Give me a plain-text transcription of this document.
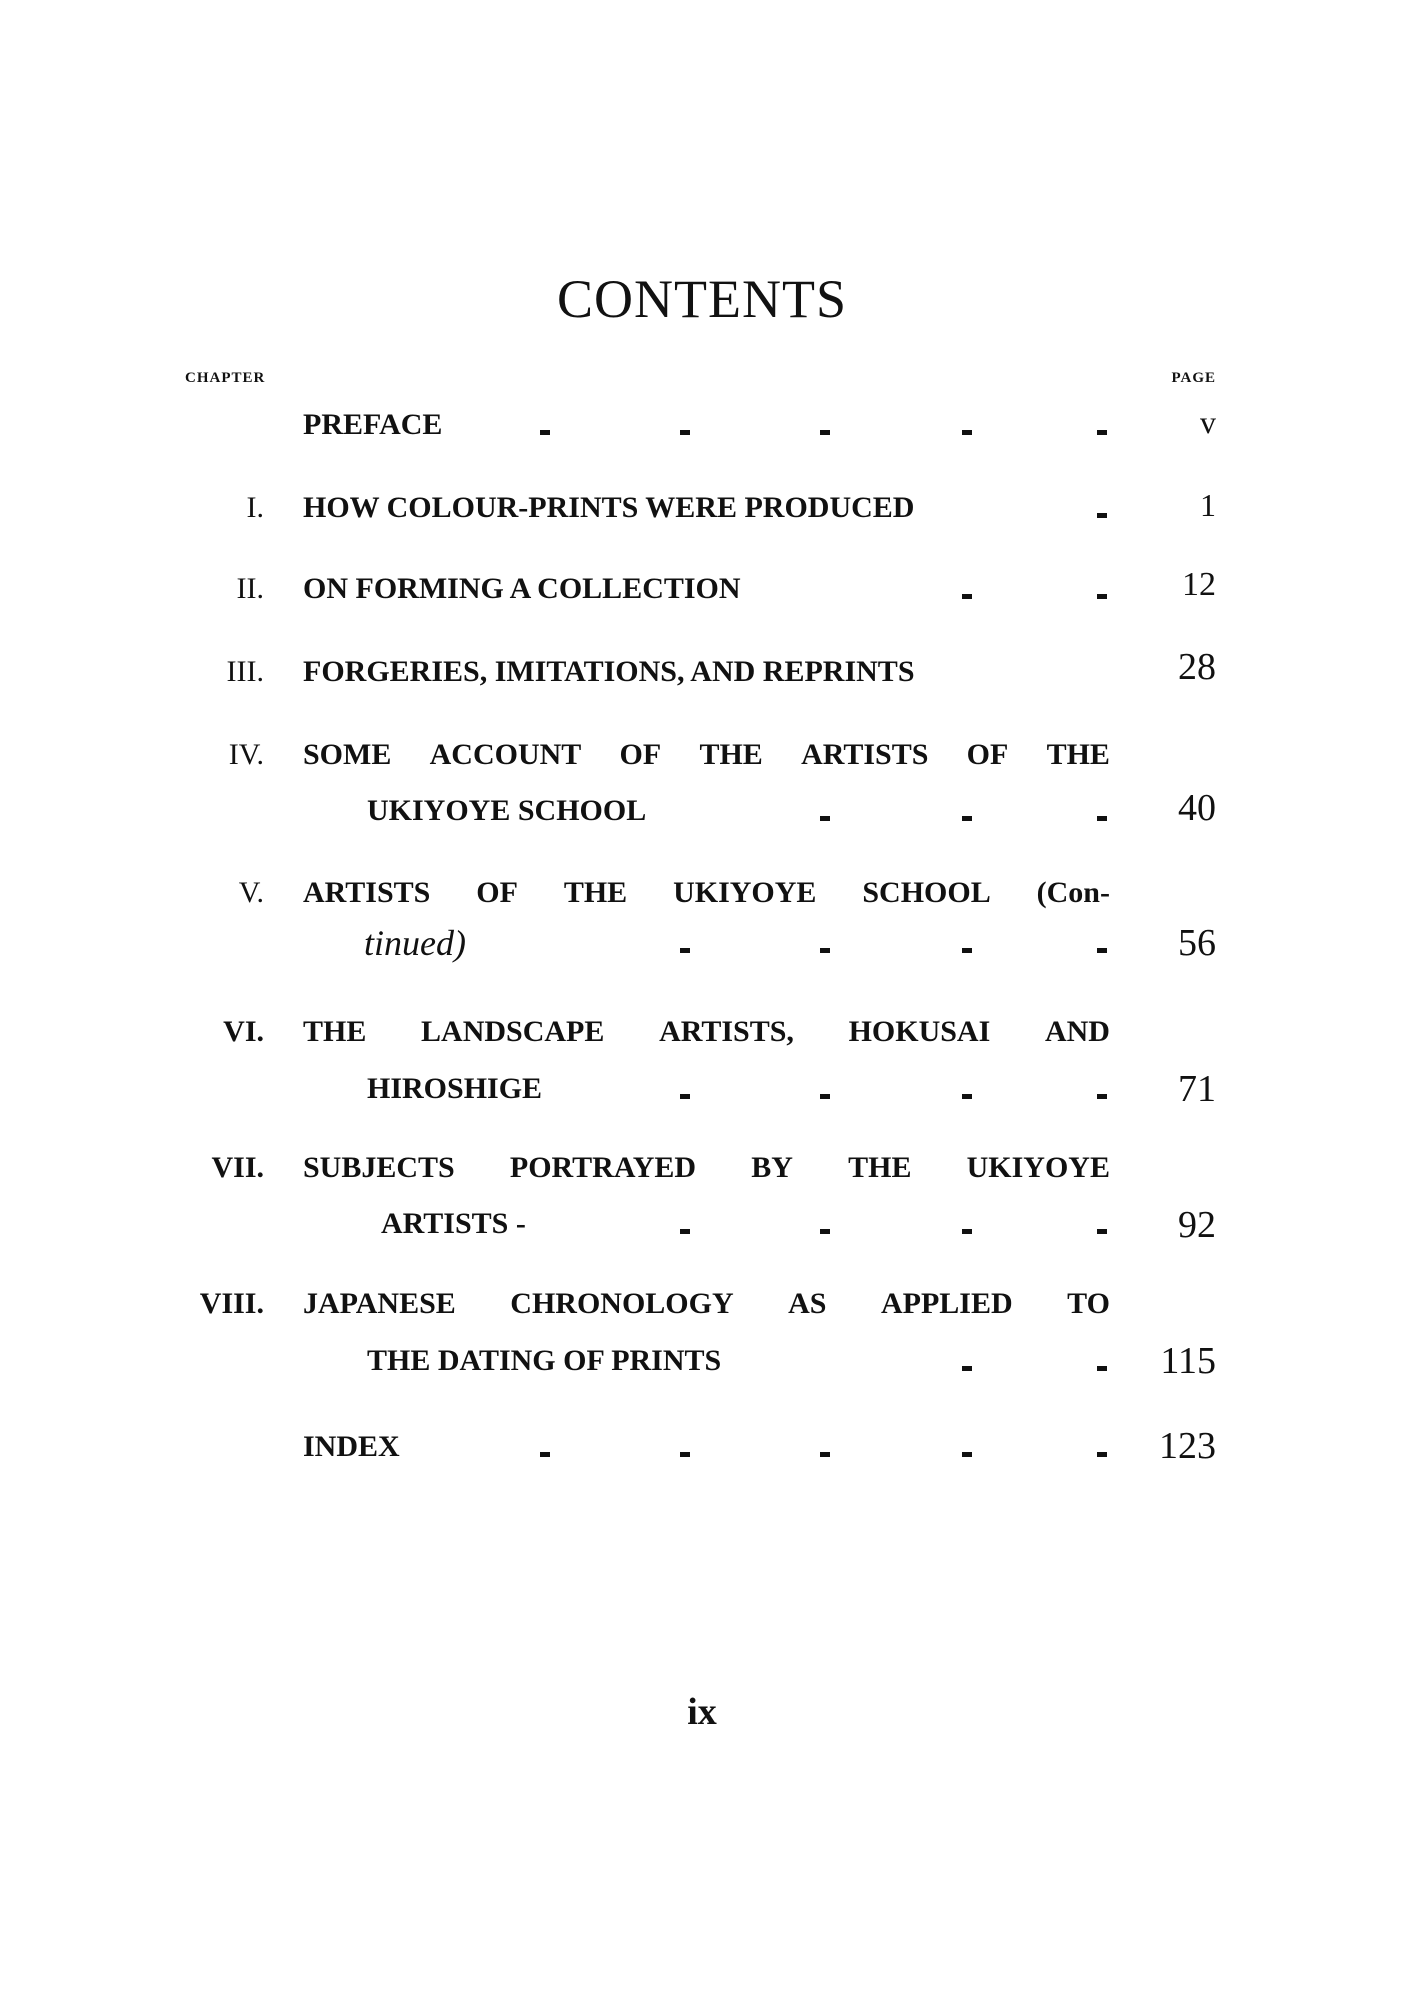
CONTENTS
CHAPTER	PAGE
PREFACE	v
I. HOW COLOUR-PRINTS WERE PRODUCED	1
II. ON FORMING A COLLECTION	12
III. FORGERIES, IMITATIONS, AND REPRINTS	28
IV. SOME ACCOUNT OF THE ARTISTS OF THE
UKIYOYE SCHOOL	40
V. ARTISTS OF THE UKIYOYE SCHOOL (Con-
tinued)	56
VI. THE LANDSCAPE ARTISTS, HOKUSAI AND
HIROSHIGE	71
VII. SUBJECTS PORTRAYED BY THE UKIYOYE
ARTISTS -	92
VIII. JAPANESE CHRONOLOGY AS APPLIED TO
THE DATING OF PRINTS	115
INDEX	123
ix
